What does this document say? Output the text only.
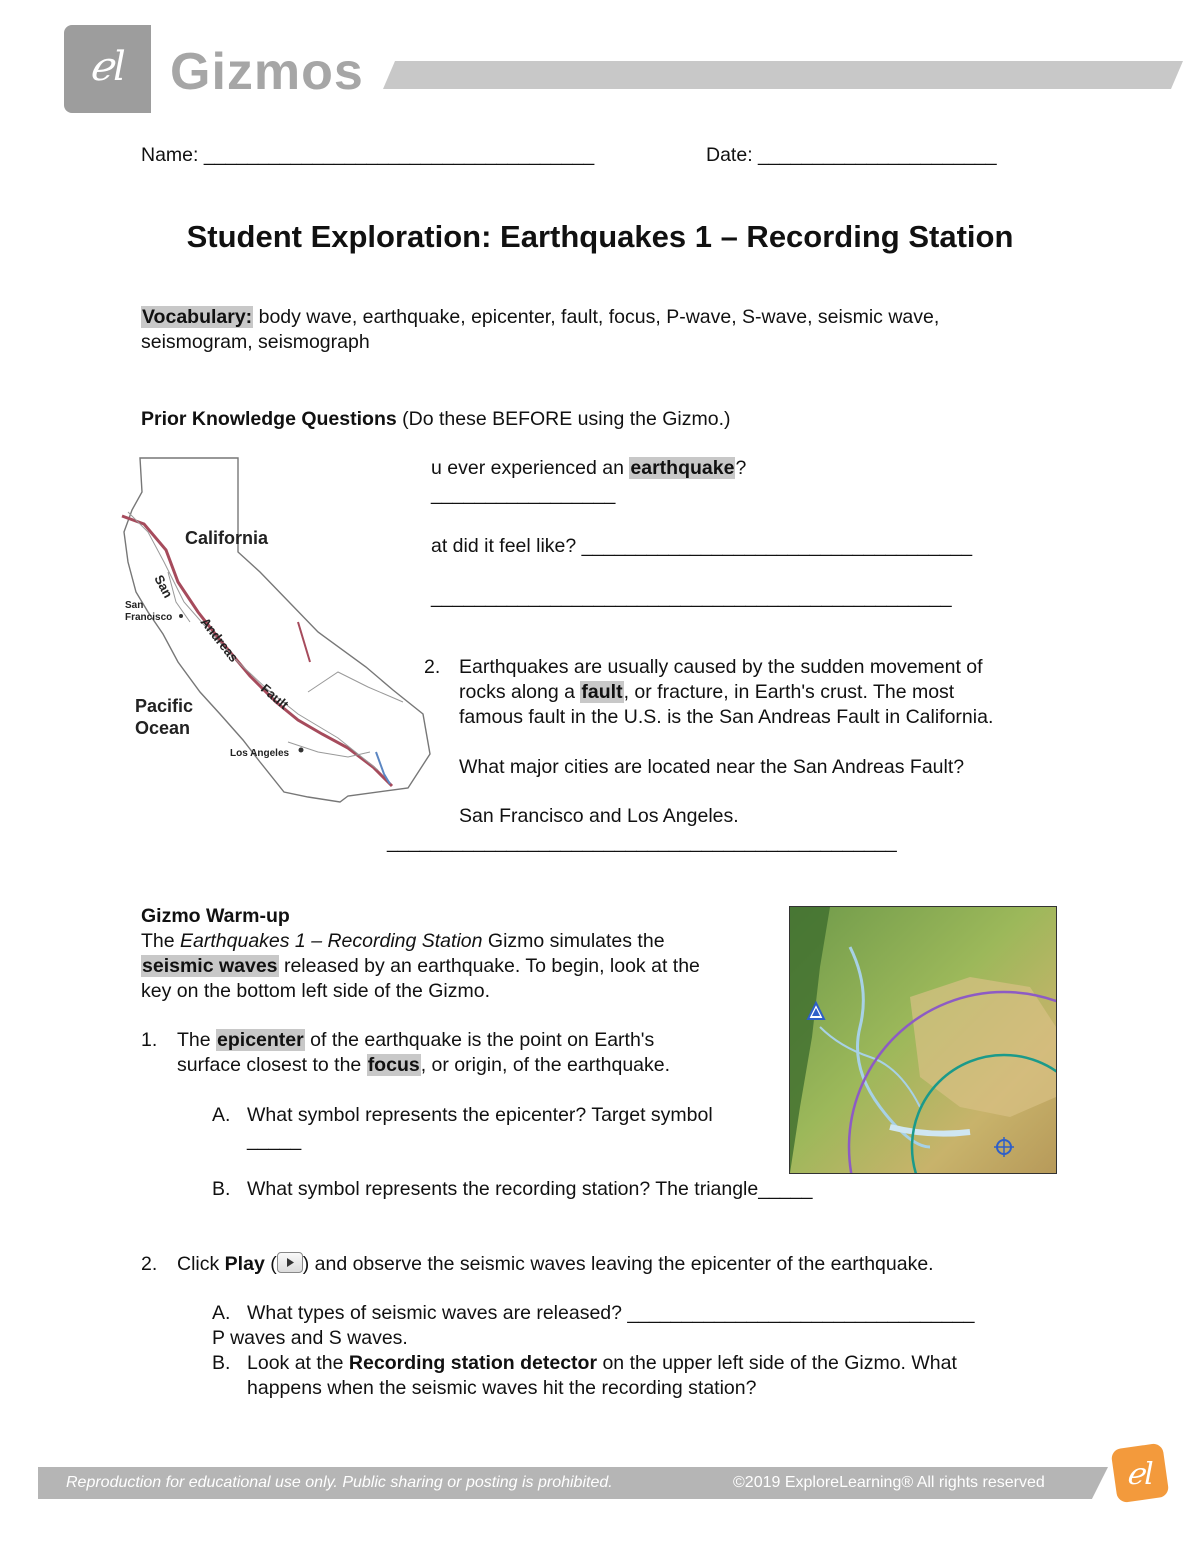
ℯl Gizmos
Name: ____________________________________	Date: ______________________
Student Exploration: Earthquakes 1 – Recording Station
Vocabulary: body wave, earthquake, epicenter, fault, focus, P-wave, S-wave, seismic wave,
seismogram, seismograph
Prior Knowledge Questions (Do these BEFORE using the Gizmo.)
California
San
Andreas
Fault
San
Francisco
Pacific
Ocean
Los Angeles
u ever experienced an earthquake?
_________________
at did it feel like? ____________________________________
________________________________________________
2. Earthquakes are usually caused by the sudden movement of
rocks along a fault, or fracture, in Earth's crust. The most
famous fault in the U.S. is the San Andreas Fault in California.
What major cities are located near the San Andreas Fault?
San Francisco and Los Angeles.
_______________________________________________
Gizmo Warm-up
The Earthquakes 1 – Recording Station Gizmo simulates the
seismic waves released by an earthquake. To begin, look at the
key on the bottom left side of the Gizmo.
1. The epicenter of the earthquake is the point on Earth's
surface closest to the focus, or origin, of the earthquake.
A. What symbol represents the epicenter? Target symbol
_____
B. What symbol represents the recording station? The triangle_____
2. Click Play ( ) and observe the seismic waves leaving the epicenter of the earthquake.
A. What types of seismic waves are released? ________________________________
P waves and S waves.
B. Look at the Recording station detector on the upper left side of the Gizmo. What
happens when the seismic waves hit the recording station?
Reproduction for educational use only. Public sharing or posting is prohibited.	©2019 ExploreLearning® All rights reserved	ℯl
